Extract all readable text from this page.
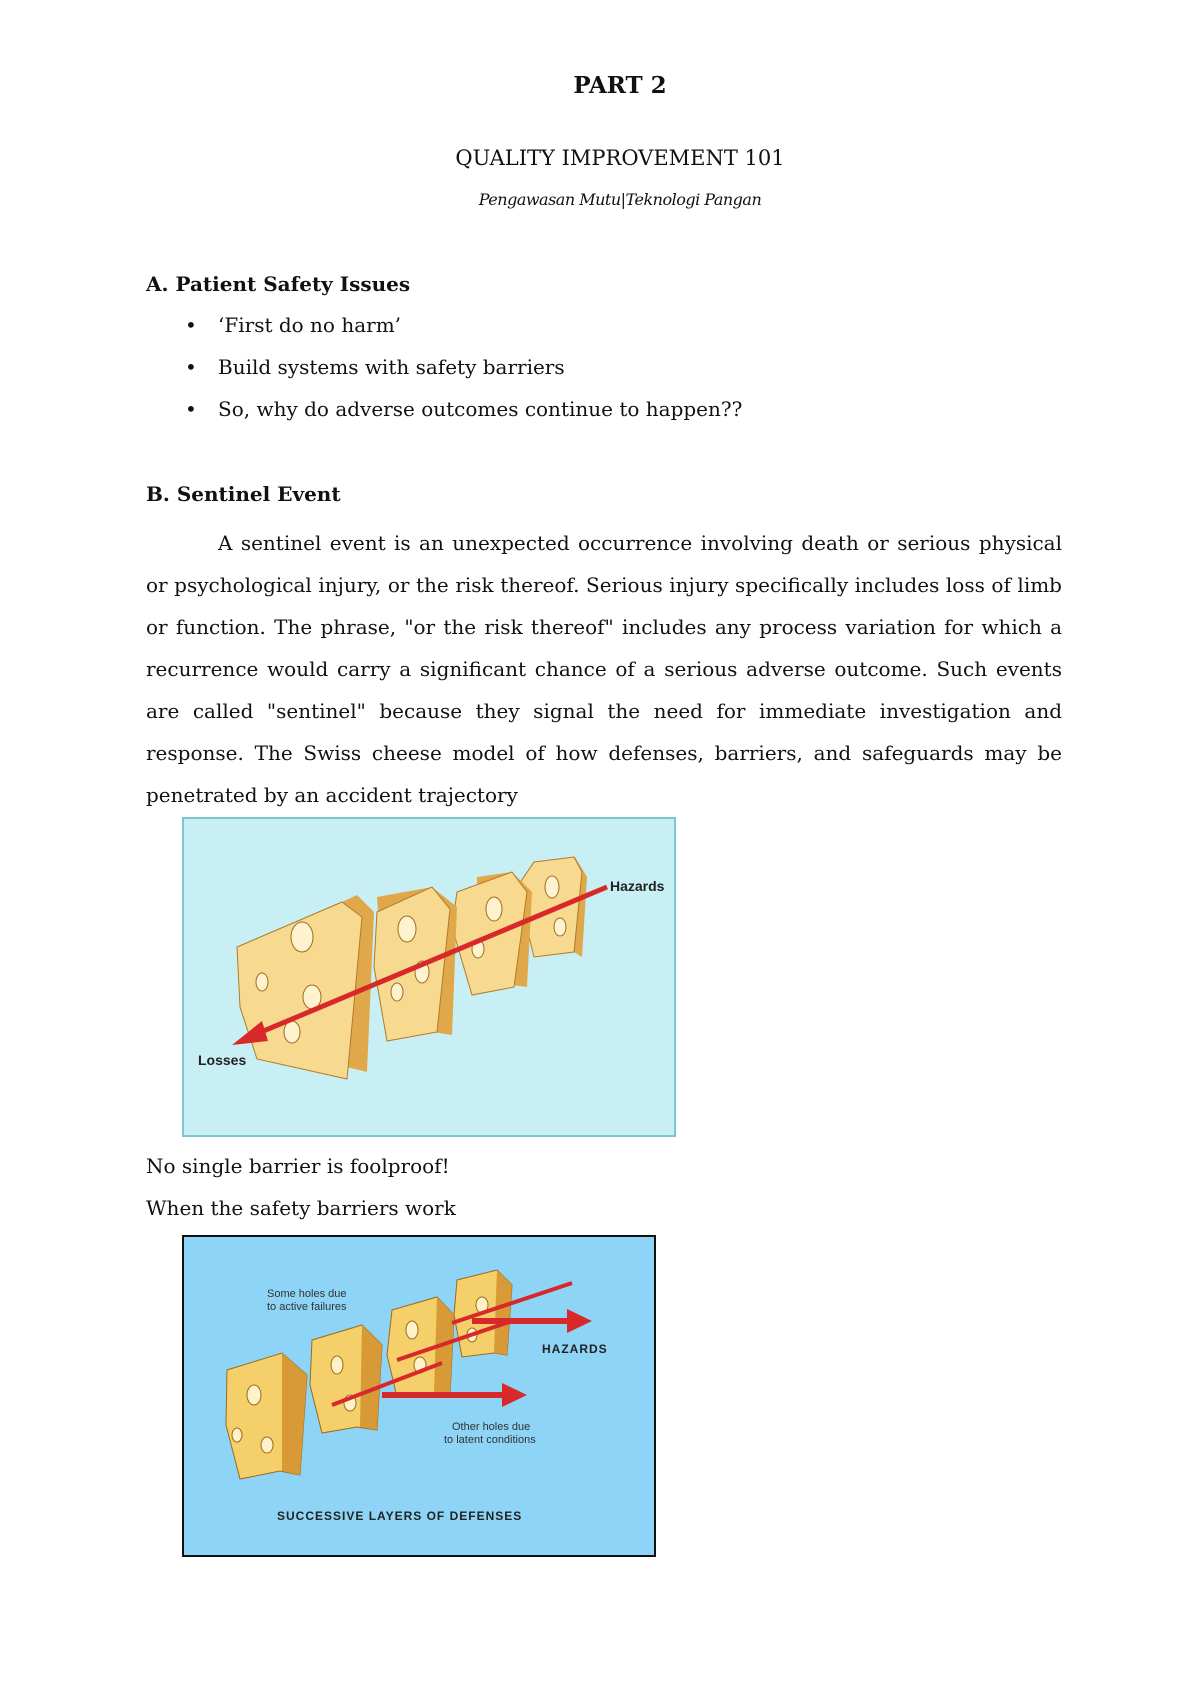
PART 2
QUALITY IMPROVEMENT 101
Pengawasan Mutu|Teknologi Pangan
A. Patient Safety Issues
• ‘First do no harm’
• Build systems with safety barriers
• So, why do adverse outcomes continue to happen??
B. Sentinel Event

A sentinel event is an unexpected occurrence involving death or serious physical or psychological injury, or the risk thereof. Serious injury specifically includes loss of limb or function. The phrase, "or the risk thereof" includes any process variation for which a recurrence would carry a significant chance of a serious adverse outcome. Such events are called "sentinel" because they signal the need for immediate investigation and response. The Swiss cheese model of how defenses, barriers, and safeguards may be penetrated by an accident trajectory

Hazards
Losses
No single barrier is foolproof!
When the safety barriers work
Some holes due to active failures
Other holes due to latent conditions
HAZARDS
SUCCESSIVE LAYERS OF DEFENSES
